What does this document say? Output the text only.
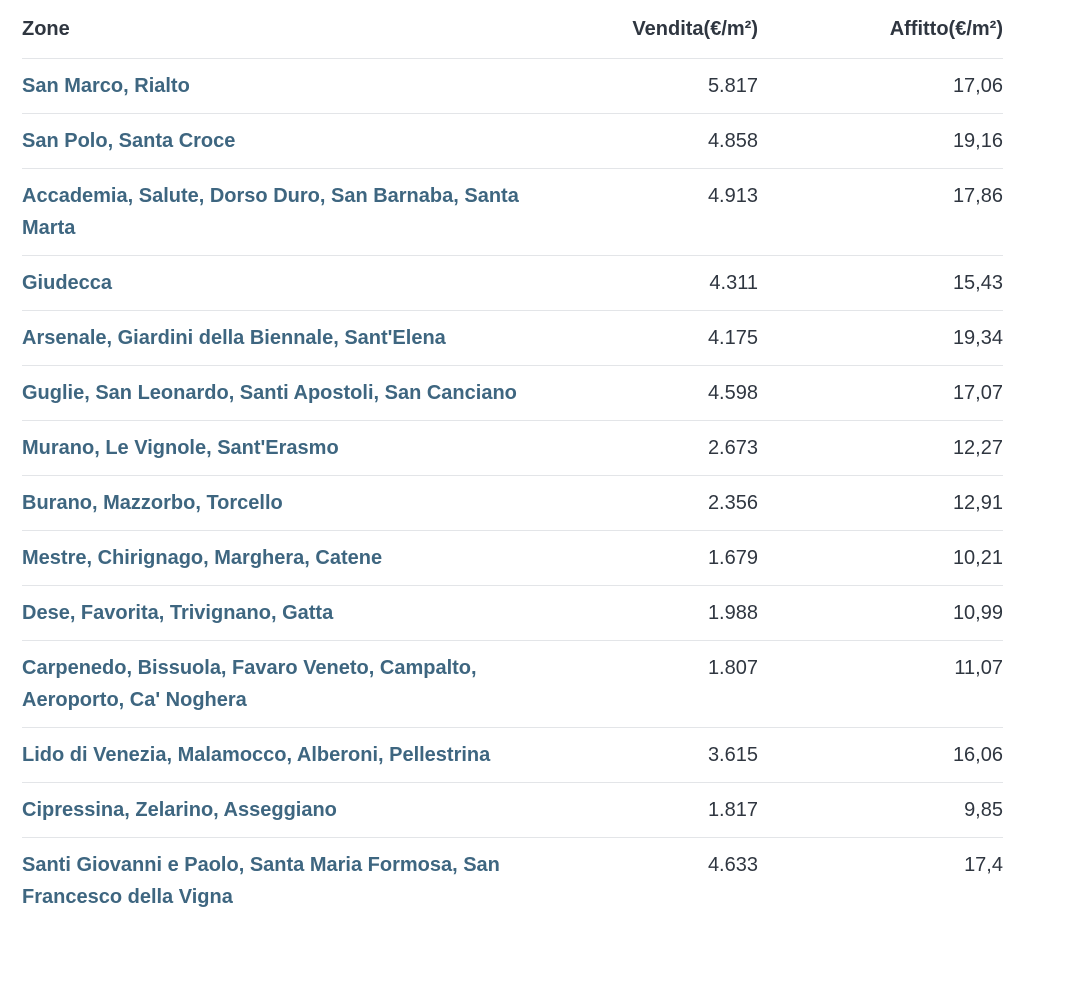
Zone	Vendita(€/m²)	Affitto(€/m²)
San Marco, Rialto	5.817	17,06
San Polo, Santa Croce	4.858	19,16
Accademia, Salute, Dorso Duro, San Barnaba, Santa Marta	4.913	17,86
Giudecca	4.311	15,43
Arsenale, Giardini della Biennale, Sant'Elena	4.175	19,34
Guglie, San Leonardo, Santi Apostoli, San Canciano	4.598	17,07
Murano, Le Vignole, Sant'Erasmo	2.673	12,27
Burano, Mazzorbo, Torcello	2.356	12,91
Mestre, Chirignago, Marghera, Catene	1.679	10,21
Dese, Favorita, Trivignano, Gatta	1.988	10,99
Carpenedo, Bissuola, Favaro Veneto, Campalto, Aeroporto, Ca' Noghera	1.807	11,07
Lido di Venezia, Malamocco, Alberoni, Pellestrina	3.615	16,06
Cipressina, Zelarino, Asseggiano	1.817	9,85
Santi Giovanni e Paolo, Santa Maria Formosa, San Francesco della Vigna	4.633	17,4
